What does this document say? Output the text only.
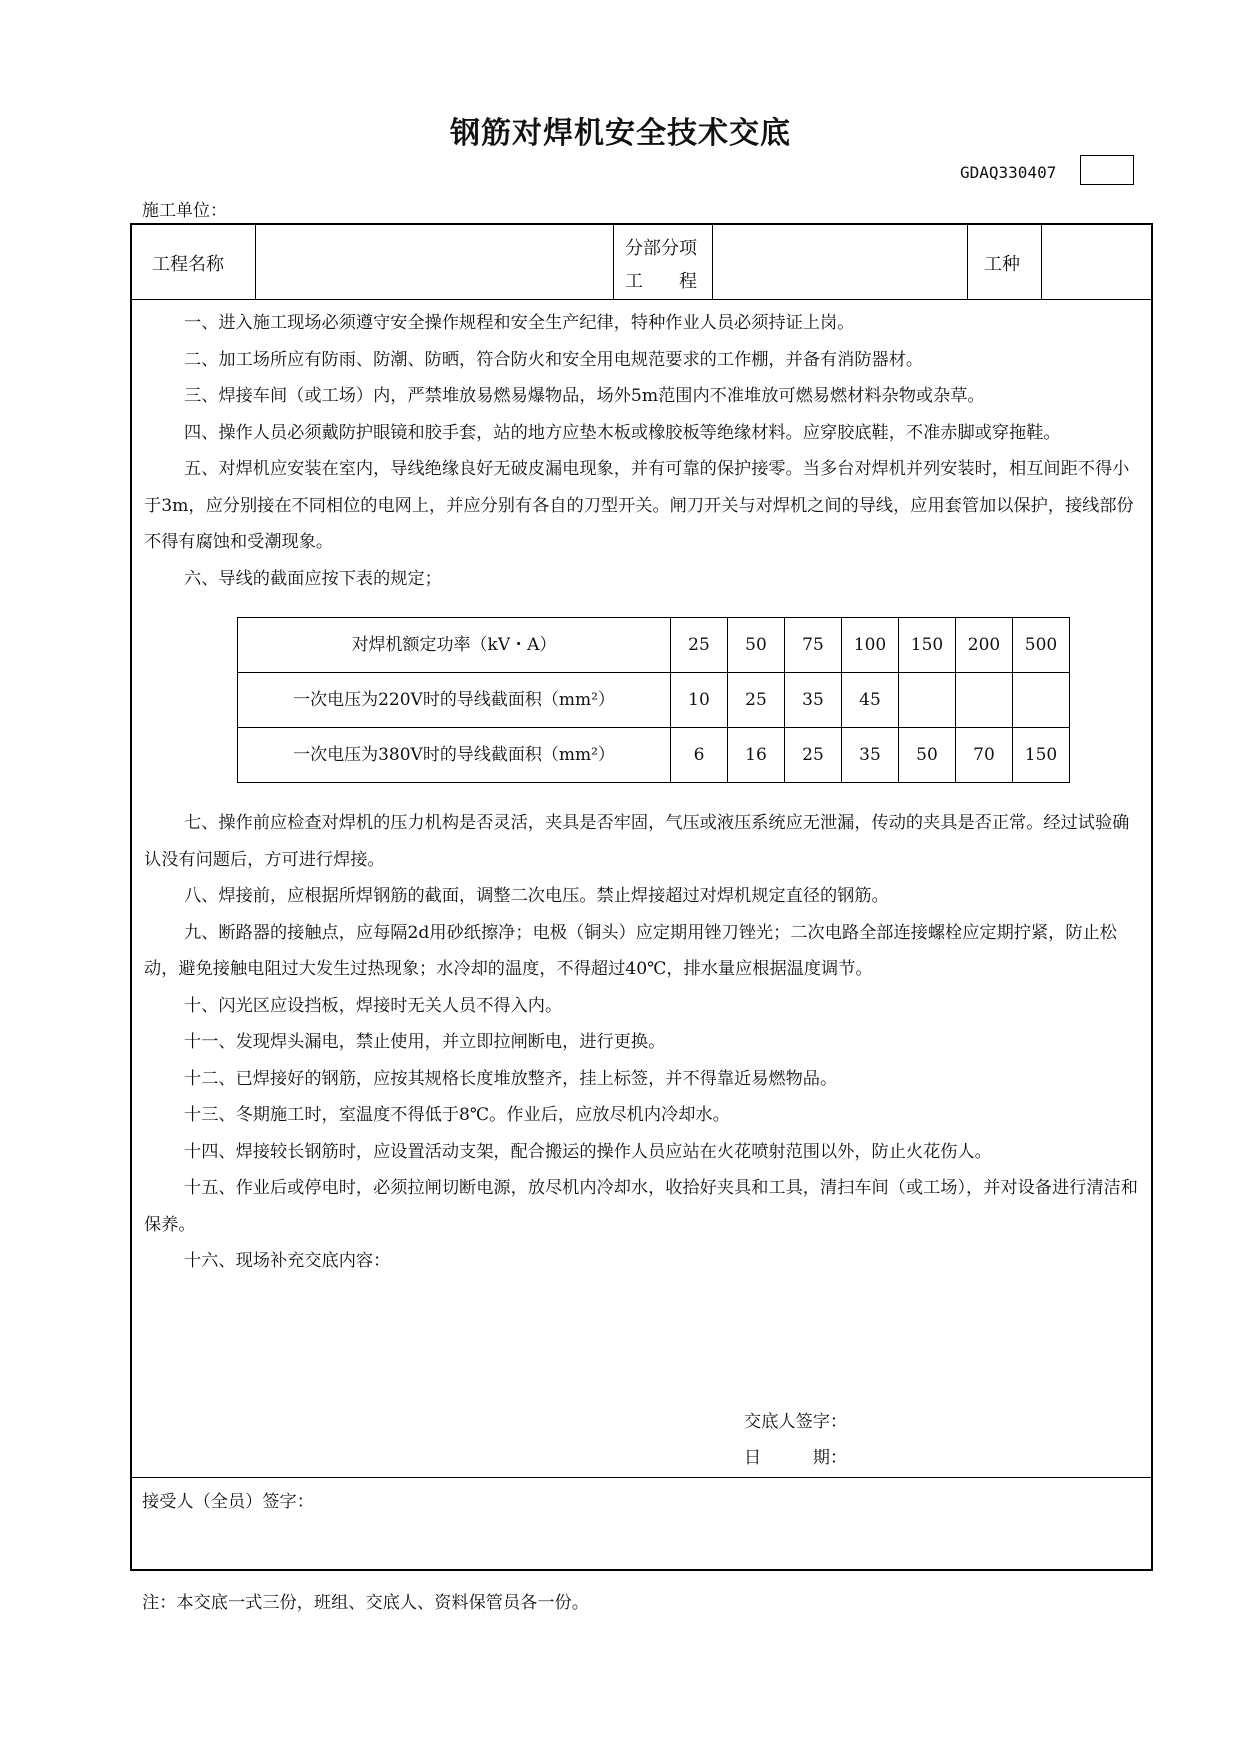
钢筋对焊机安全技术交底
GDAQ330407
施工单位：
工程名称
分部分项
工　　程
工种

一、进入施工现场必须遵守安全操作规程和安全生产纪律，特种作业人员必须持证上岗。

二、加工场所应有防雨、防潮、防晒，符合防火和安全用电规范要求的工作棚，并备有消防器材。

三、焊接车间（或工场）内，严禁堆放易燃易爆物品，场外5m范围内不准堆放可燃易燃材料杂物或杂草。

四、操作人员必须戴防护眼镜和胶手套，站的地方应垫木板或橡胶板等绝缘材料。应穿胶底鞋，不准赤脚或穿拖鞋。

五、对焊机应安装在室内，导线绝缘良好无破皮漏电现象，并有可靠的保护接零。当多台对焊机并列安装时，相互间距不得小于3m，应分别接在不同相位的电网上，并应分别有各自的刀型开关。闸刀开关与对焊机之间的导线，应用套管加以保护，接线部份不得有腐蚀和受潮现象。

六、导线的截面应按下表的规定；

对焊机额定功率（kV・A）	25	50	75	100	150	200	500
一次电压为220V时的导线截面积（mm²）	10	25	35	45			
一次电压为380V时的导线截面积（mm²）	6	16	25	35	50	70	150

七、操作前应检查对焊机的压力机构是否灵活，夹具是否牢固，气压或液压系统应无泄漏，传动的夹具是否正常。经过试验确认没有问题后，方可进行焊接。

八、焊接前，应根据所焊钢筋的截面，调整二次电压。禁止焊接超过对焊机规定直径的钢筋。

九、断路器的接触点，应每隔2d用砂纸擦净；电极（铜头）应定期用锉刀锉光；二次电路全部连接螺栓应定期拧紧，防止松动，避免接触电阻过大发生过热现象；水冷却的温度，不得超过40℃，排水量应根据温度调节。

十、闪光区应设挡板，焊接时无关人员不得入内。

十一、发现焊头漏电，禁止使用，并立即拉闸断电，进行更换。

十二、已焊接好的钢筋，应按其规格长度堆放整齐，挂上标签，并不得靠近易燃物品。

十三、冬期施工时，室温度不得低于8℃。作业后，应放尽机内冷却水。

十四、焊接较长钢筋时，应设置活动支架，配合搬运的操作人员应站在火花喷射范围以外，防止火花伤人。

十五、作业后或停电时，必须拉闸切断电源，放尽机内冷却水，收拾好夹具和工具，清扫车间（或工场），并对设备进行清洁和保养。

十六、现场补充交底内容：

交底人签字：
日　　　期：
接受人（全员）签字：
注：本交底一式三份，班组、交底人、资料保管员各一份。
